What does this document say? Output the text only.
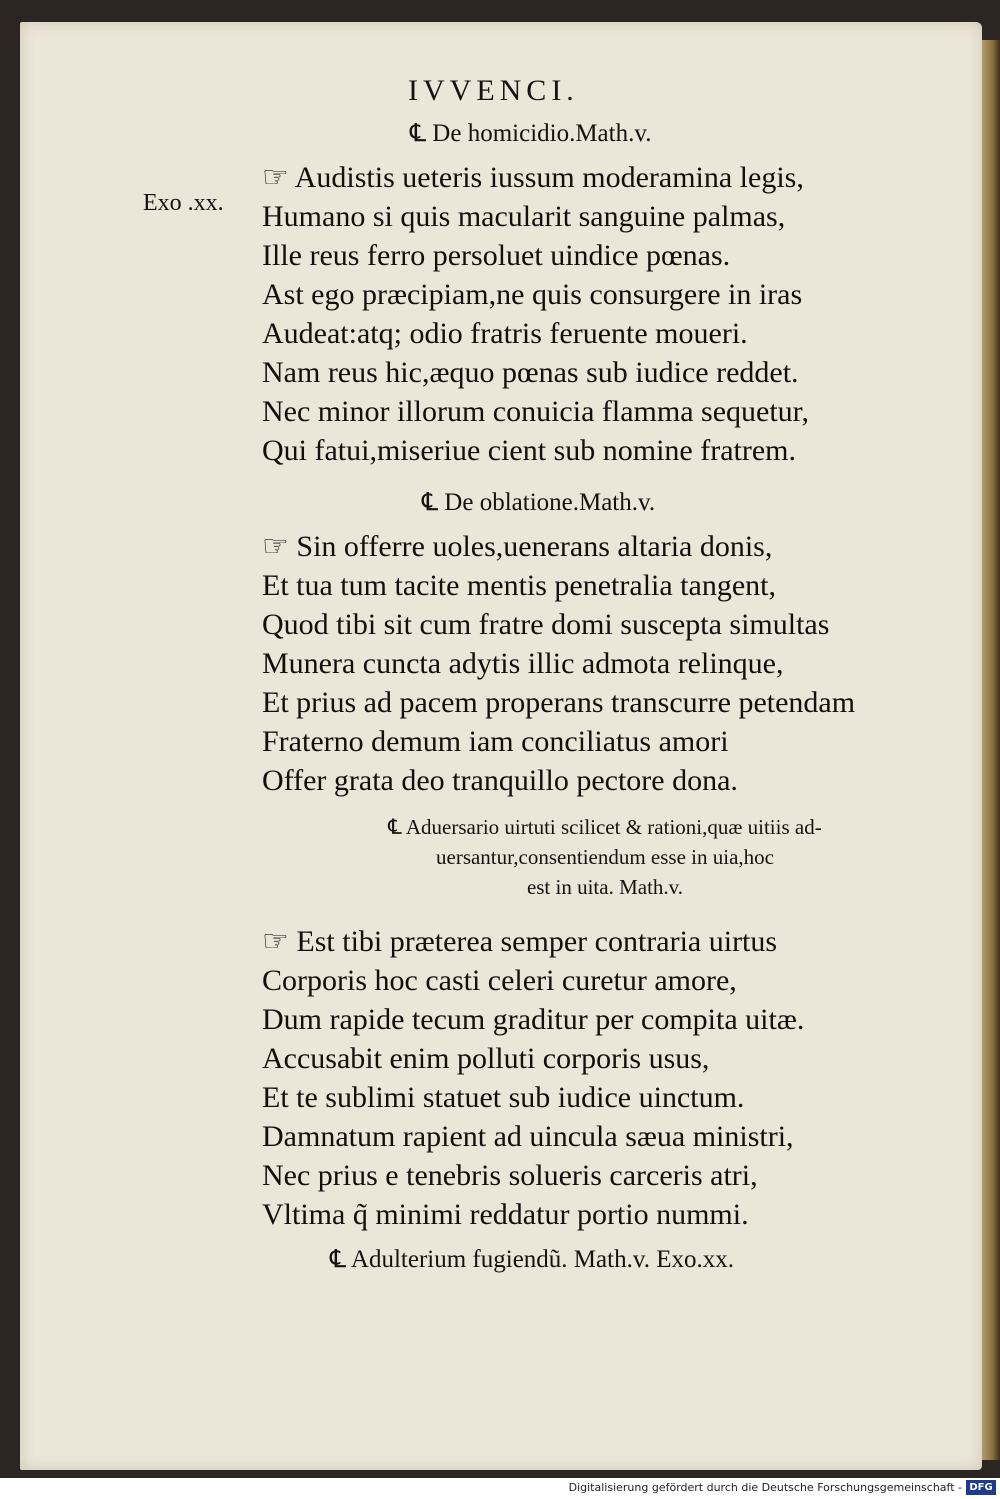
IVVENCI.
℄ De homicidio.Math.v.
Exo .xx.
☞ Audistis ueteris iussum moderamina legis,
Humano si quis macularit sanguine palmas,
Ille reus ferro persoluet uindice pœnas.
Ast ego præcipiam,ne quis consurgere in iras
Audeat:atq; odio fratris feruente moueri.
Nam reus hic,æquo pœnas sub iudice reddet.
Nec minor illorum conuicia flamma sequetur,
Qui fatui,miseriue cient sub nomine fratrem.
℄ De oblatione.Math.v.
☞ Sin offerre uoles,uenerans altaria donis,
Et tua tum tacite mentis penetralia tangent,
Quod tibi sit cum fratre domi suscepta simultas
Munera cuncta adytis illic admota relinque,
Et prius ad pacem properans transcurre petendam
Fraterno demum iam conciliatus amori
Offer grata deo tranquillo pectore dona.
℄ Aduersario uirtuti scilicet & rationi,quæ uitiis ad-
uersantur,consentiendum esse in uia,hoc
est in uita. Math.v.
☞ Est tibi præterea semper contraria uirtus
Corporis hoc casti celeri curetur amore,
Dum rapide tecum graditur per compita uitæ.
Accusabit enim polluti corporis usus,
Et te sublimi statuet sub iudice uinctum.
Damnatum rapient ad uincula sæua ministri,
Nec prius e tenebris solueris carceris atri,
Vltima q̃ minimi reddatur portio nummi.
℄ Adulterium fugiendũ. Math.v. Exo.xx.
Digitalisierung gefördert durch die Deutsche Forschungsgemeinschaft - DFG
